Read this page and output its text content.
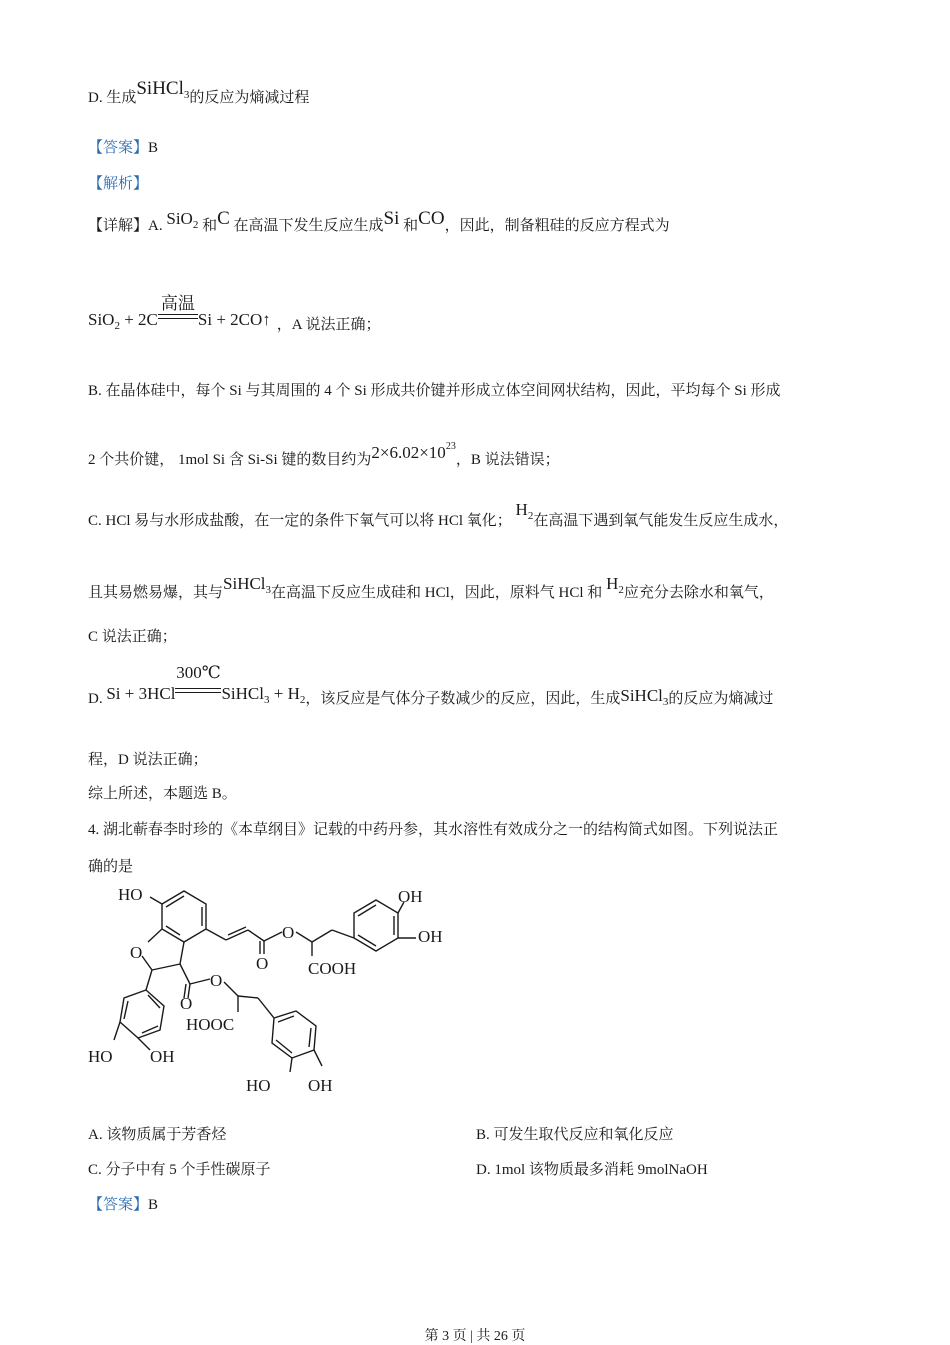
D. 生成SiHCl$_3$的反应为熵减过程
【答案】B
【解析】
【详解】A. SiO$_2$ 和C 在高温下发生反应生成Si 和CO，因此，制备粗硅的反应方程式为
SiO$_2$ + 2C
高温
Si + 2CO↑ ，A 说法正确；
B. 在晶体硅中，每个 Si 与其周围的 4 个 Si 形成共价键并形成立体空间网状结构，因此，平均每个 Si 形成
2 个共价键， 1mol Si 含 Si-Si 键的数目约为$2\times 6.02\times 10^{23}$，B 说法错误；
C. HCl 易与水形成盐酸，在一定的条件下氧气可以将 HCl 氧化； $H_2$在高温下遇到氧气能发生反应生成水，
且其易燃易爆，其与SiHCl$_3$在高温下反应生成硅和 HCl，因此，原料气 HCl 和 $H_2$应充分去除水和氧气，
C 说法正确；
D. Si + 3HCl
300℃
SiHCl$_3$ + $H_2$，该反应是气体分子数减少的反应，因此，生成SiHCl$_3$的反应为熵减过
程，D 说法正确；
综上所述，本题选 B。
4. 湖北蕲春李时珍的《本草纲目》记载的中药丹参，其水溶性有效成分之一的结构简式如图。下列说法正
确的是
HO
O
O
O
OH
OH
COOH
O
O
HOOC
HO OH
HO OH
A. 该物质属于芳香烃	B. 可发生取代反应和氧化反应
C. 分子中有 5 个手性碳原子	D. 1mol 该物质最多消耗 9molNaOH
【答案】B
第 3 页 | 共 26 页
